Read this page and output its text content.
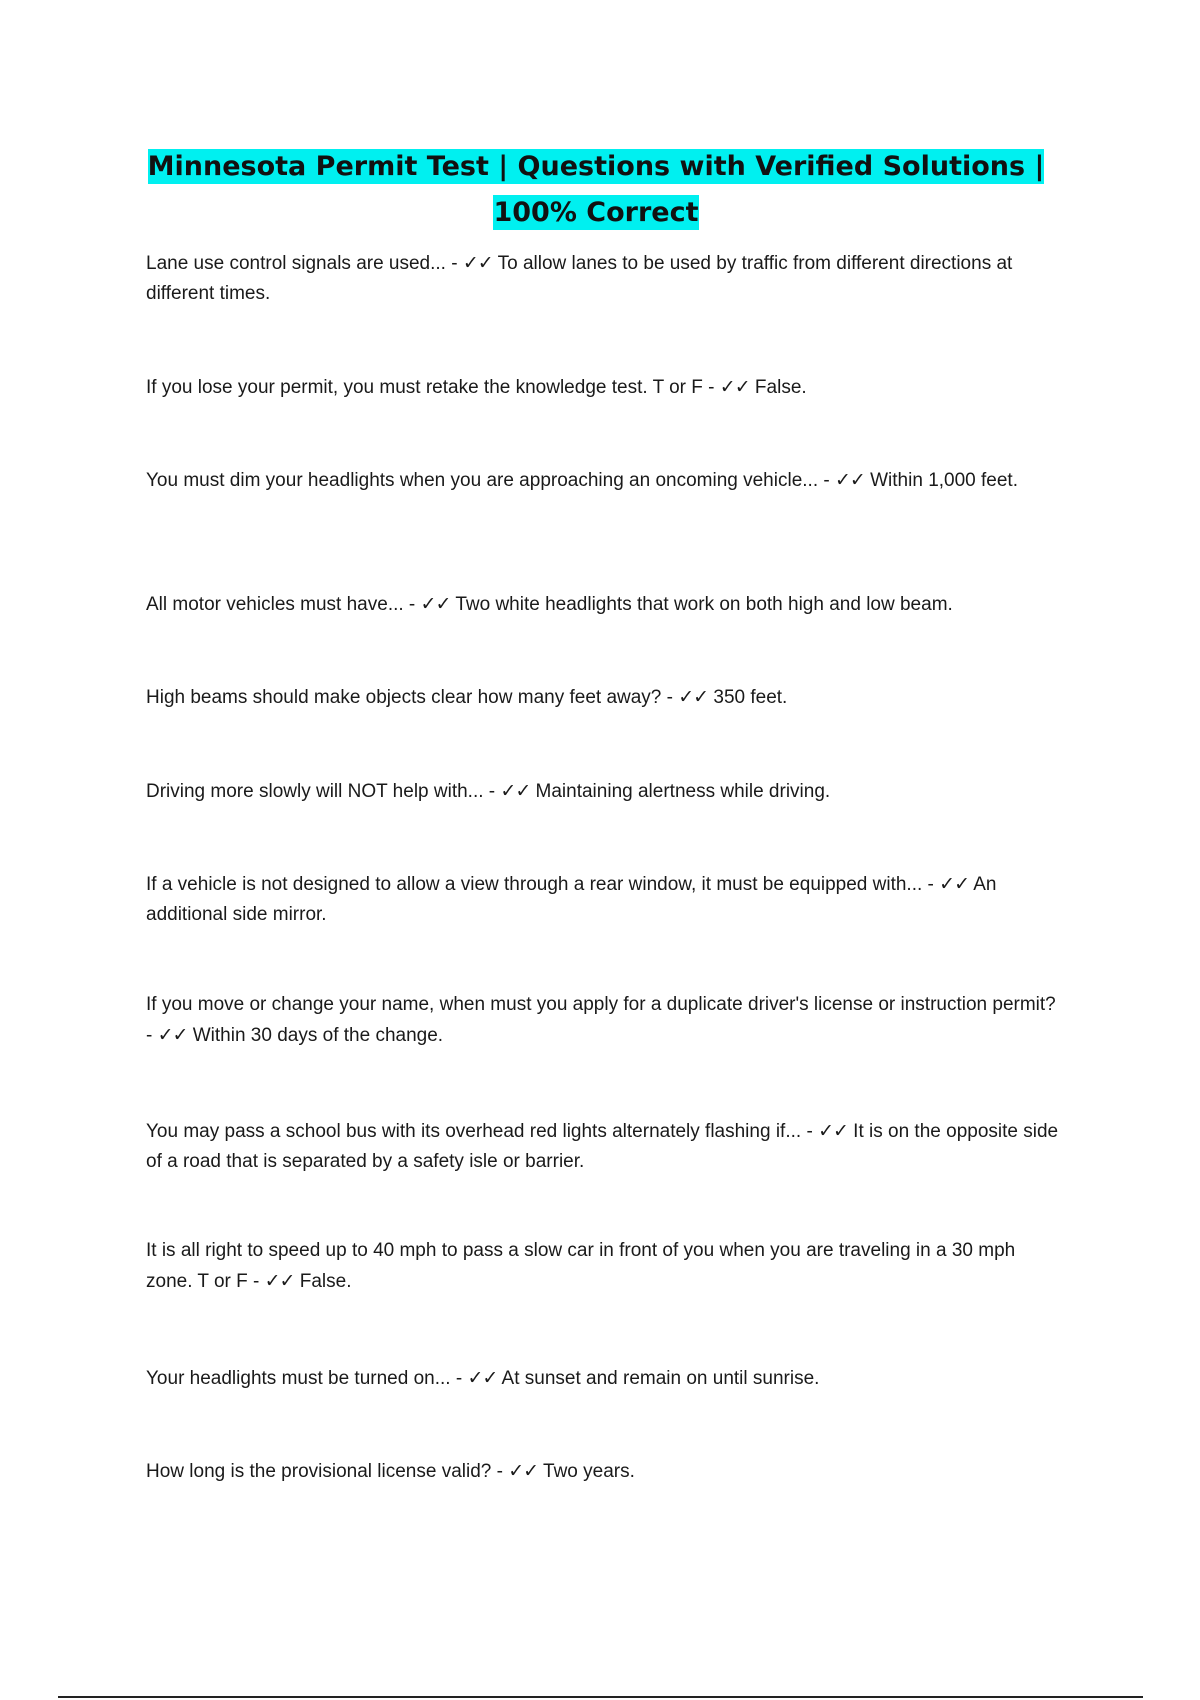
Minnesota Permit Test | Questions with Verified Solutions | 100% Correct
Lane use control signals are used... - ✓✓ To allow lanes to be used by traffic from different directions at different times.
If you lose your permit, you must retake the knowledge test. T or F - ✓✓ False.
You must dim your headlights when you are approaching an oncoming vehicle... - ✓✓ Within 1,000 feet.
All motor vehicles must have... - ✓✓ Two white headlights that work on both high and low beam.
High beams should make objects clear how many feet away? - ✓✓ 350 feet.
Driving more slowly will NOT help with... - ✓✓ Maintaining alertness while driving.
If a vehicle is not designed to allow a view through a rear window, it must be equipped with... - ✓✓ An additional side mirror.
If you move or change your name, when must you apply for a duplicate driver's license or instruction permit? - ✓✓ Within 30 days of the change.
You may pass a school bus with its overhead red lights alternately flashing if... - ✓✓ It is on the opposite side of a road that is separated by a safety isle or barrier.
It is all right to speed up to 40 mph to pass a slow car in front of you when you are traveling in a 30 mph zone. T or F - ✓✓ False.
Your headlights must be turned on... - ✓✓ At sunset and remain on until sunrise.
How long is the provisional license valid? - ✓✓ Two years.
